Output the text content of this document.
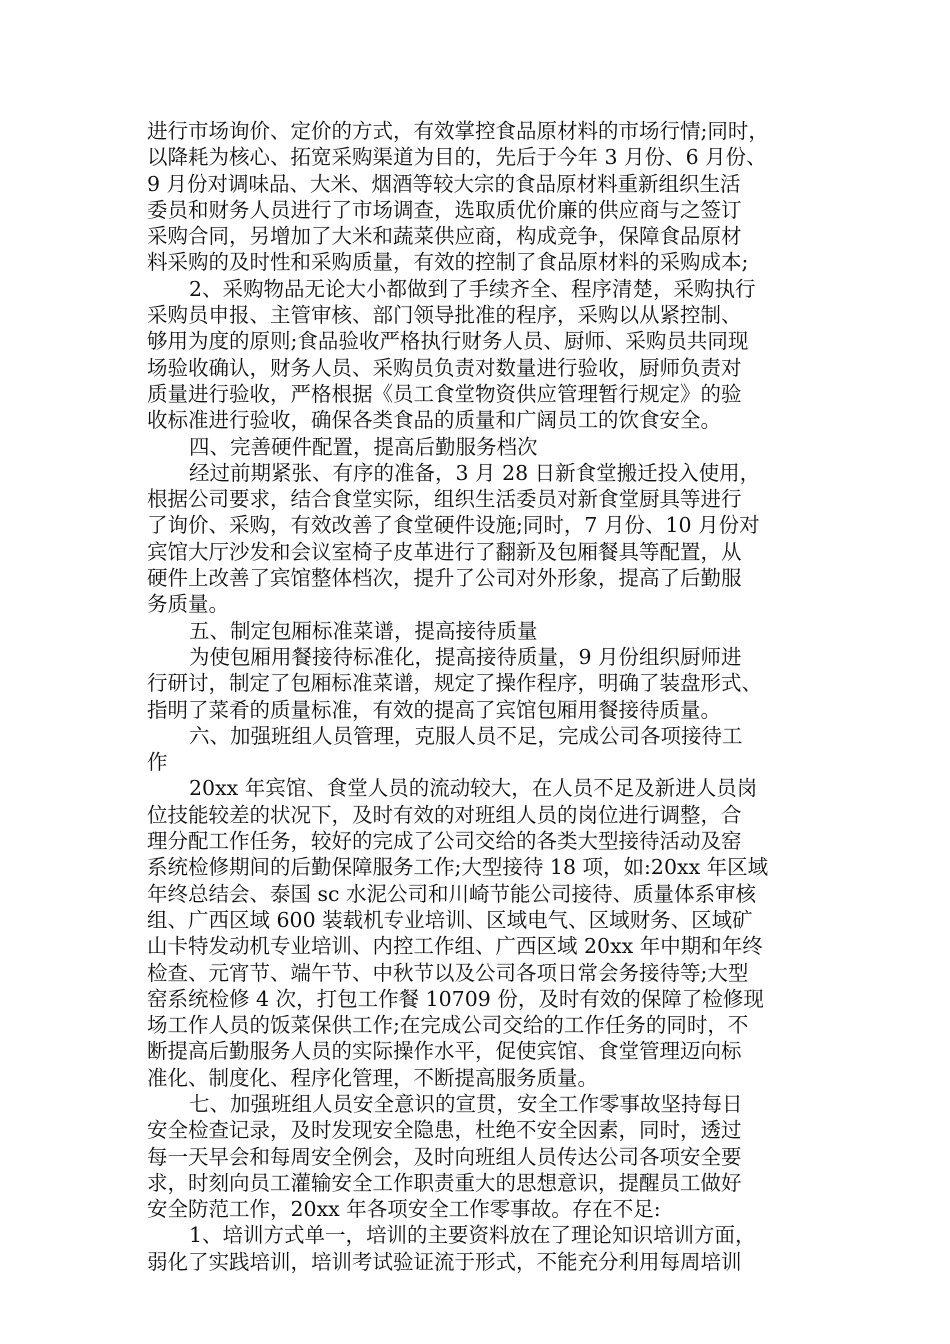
进行市场询价、定价的方式，有效掌控食品原材料的市场行情;同时，
以降耗为核心、拓宽采购渠道为目的，先后于今年 3 月份、6 月份、
9 月份对调味品、大米、烟酒等较大宗的食品原材料重新组织生活
委员和财务人员进行了市场调查，选取质优价廉的供应商与之签订
采购合同，另增加了大米和蔬菜供应商，构成竞争，保障食品原材
料采购的及时性和采购质量，有效的控制了食品原材料的采购成本;
2、采购物品无论大小都做到了手续齐全、程序清楚，采购执行
采购员申报、主管审核、部门领导批准的程序，采购以从紧控制、
够用为度的原则;食品验收严格执行财务人员、厨师、采购员共同现
场验收确认，财务人员、采购员负责对数量进行验收，厨师负责对
质量进行验收，严格根据《员工食堂物资供应管理暂行规定》的验
收标准进行验收，确保各类食品的质量和广阔员工的饮食安全。
四、完善硬件配置，提高后勤服务档次
经过前期紧张、有序的准备，3 月 28 日新食堂搬迁投入使用，
根据公司要求，结合食堂实际，组织生活委员对新食堂厨具等进行
了询价、采购，有效改善了食堂硬件设施;同时，7 月份、10 月份对
宾馆大厅沙发和会议室椅子皮革进行了翻新及包厢餐具等配置，从
硬件上改善了宾馆整体档次，提升了公司对外形象，提高了后勤服
务质量。
五、制定包厢标准菜谱，提高接待质量
为使包厢用餐接待标准化，提高接待质量，9 月份组织厨师进
行研讨，制定了包厢标准菜谱，规定了操作程序，明确了装盘形式、
指明了菜肴的质量标准，有效的提高了宾馆包厢用餐接待质量。
六、加强班组人员管理，克服人员不足，完成公司各项接待工
作
20xx 年宾馆、食堂人员的流动较大，在人员不足及新进人员岗
位技能较差的状况下，及时有效的对班组人员的岗位进行调整，合
理分配工作任务，较好的完成了公司交给的各类大型接待活动及窑
系统检修期间的后勤保障服务工作;大型接待 18 项，如:20xx 年区域
年终总结会、泰国 sc 水泥公司和川崎节能公司接待、质量体系审核
组、广西区域 600 装载机专业培训、区域电气、区域财务、区域矿
山卡特发动机专业培训、内控工作组、广西区域 20xx 年中期和年终
检查、元宵节、端午节、中秋节以及公司各项日常会务接待等;大型
窑系统检修 4 次，打包工作餐 10709 份，及时有效的保障了检修现
场工作人员的饭菜保供工作;在完成公司交给的工作任务的同时，不
断提高后勤服务人员的实际操作水平，促使宾馆、食堂管理迈向标
准化、制度化、程序化管理，不断提高服务质量。
七、加强班组人员安全意识的宣贯，安全工作零事故坚持每日
安全检查记录，及时发现安全隐患，杜绝不安全因素，同时，透过
每一天早会和每周安全例会，及时向班组人员传达公司各项安全要
求，时刻向员工灌输安全工作职责重大的思想意识，提醒员工做好
安全防范工作，20xx 年各项安全工作零事故。存在不足:
1、培训方式单一，培训的主要资料放在了理论知识培训方面，
弱化了实践培训，培训考试验证流于形式，不能充分利用每周培训
